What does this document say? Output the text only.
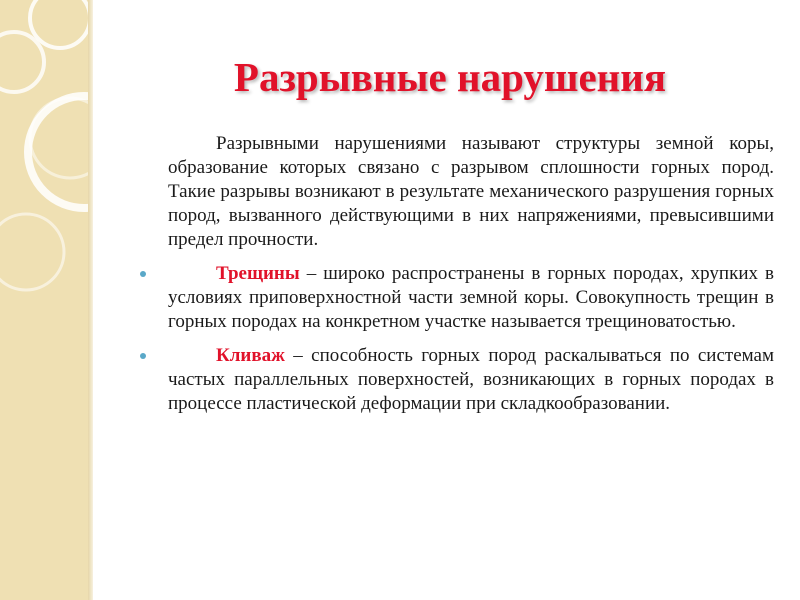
Разрывные нарушения

Разрывными нарушениями называют структуры земной коры, образование которых связано с разрывом сплошности горных пород. Такие разрывы возникают в результате механического разрушения горных пород, вызванного действующими в них напряжениями, превысившими предел прочности.

Трещины – широко распространены в горных породах, хрупких в условиях приповерхностной части земной коры. Совокупность трещин в горных породах на конкретном участке называется трещиноватостью.

Кливаж – способность горных пород раскалываться по системам частых параллельных поверхностей, возникающих в горных породах в процессе пластической деформации при складкообразовании.
